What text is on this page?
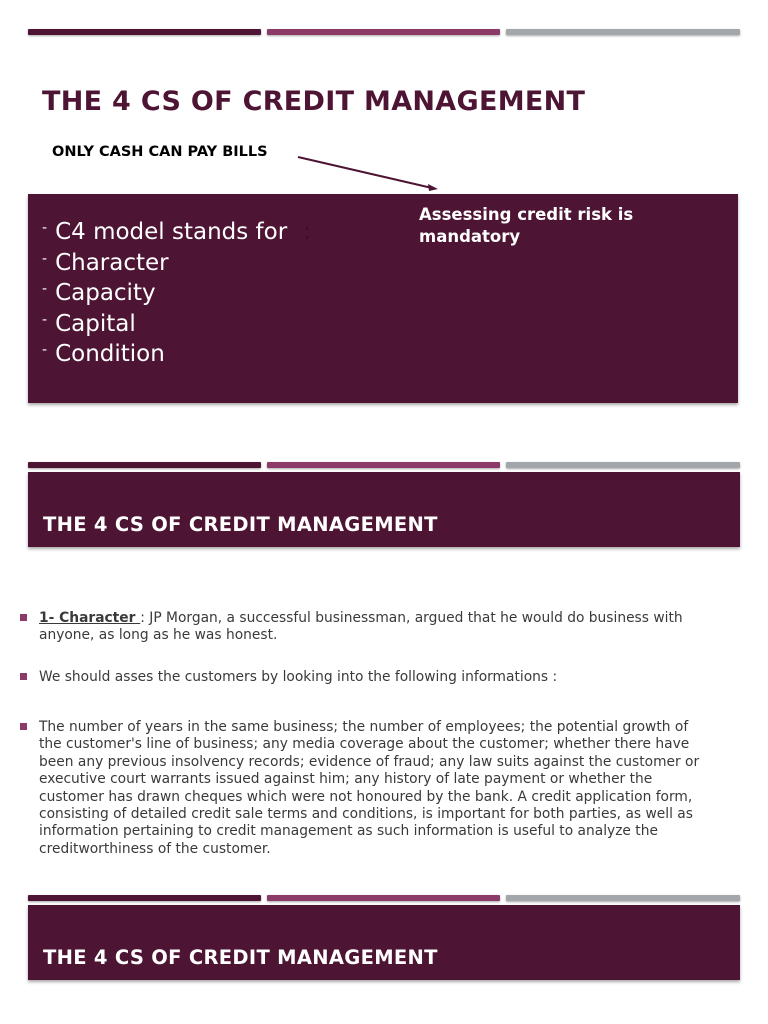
THE 4 CS OF CREDIT MANAGEMENT
ONLY CASH CAN PAY BILLS
- C4 model stands for :
- Character
- Capacity
- Capital
- Condition
Assessing credit risk is mandatory
THE 4 CS OF CREDIT MANAGEMENT
1- Character : JP Morgan, a successful businessman, argued that he would do business with anyone, as long as he was honest.
We should asses the customers by looking into the following informations :
The number of years in the same business; the number of employees; the potential growth of the customer's line of business; any media coverage about the customer; whether there have been any previous insolvency records; evidence of fraud; any law suits against the customer or executive court warrants issued against him; any history of late payment or whether the customer has drawn cheques which were not honoured by the bank. A credit application form, consisting of detailed credit sale terms and conditions, is important for both parties, as well as information pertaining to credit management as such information is useful to analyze the creditworthiness of the customer.
THE 4 CS OF CREDIT MANAGEMENT
